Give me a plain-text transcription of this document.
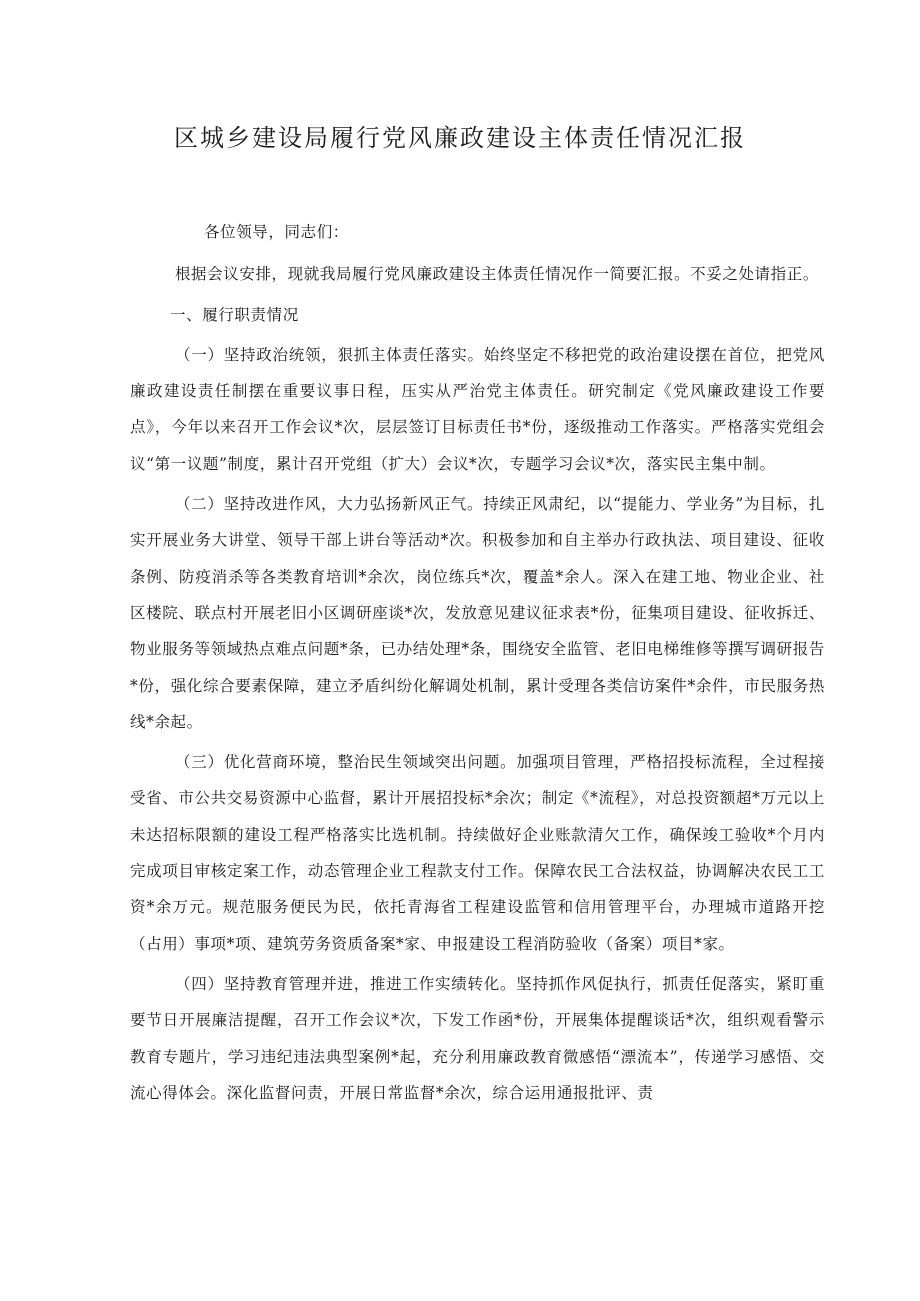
区城乡建设局履行党风廉政建设主体责任情况汇报

各位领导，同志们：

根据会议安排，现就我局履行党风廉政建设主体责任情况作一简要汇报。不妥之处请指正。

一、履行职责情况

（一）坚持政治统领，狠抓主体责任落实。始终坚定不移把党的政治建设摆在首位，把党风廉政建设责任制摆在重要议事日程，压实从严治党主体责任。研究制定《党风廉政建设工作要点》，今年以来召开工作会议*次，层层签订目标责任书*份，逐级推动工作落实。严格落实党组会议“第一议题”制度，累计召开党组（扩大）会议*次，专题学习会议*次，落实民主集中制。

（二）坚持改进作风，大力弘扬新风正气。持续正风肃纪，以“提能力、学业务”为目标，扎实开展业务大讲堂、领导干部上讲台等活动*次。积极参加和自主举办行政执法、项目建设、征收条例、防疫消杀等各类教育培训*余次，岗位练兵*次，覆盖*余人。深入在建工地、物业企业、社区楼院、联点村开展老旧小区调研座谈*次，发放意见建议征求表*份，征集项目建设、征收拆迁、物业服务等领域热点难点问题*条，已办结处理*条，围绕安全监管、老旧电梯维修等撰写调研报告*份，强化综合要素保障，建立矛盾纠纷化解调处机制，累计受理各类信访案件*余件，市民服务热线*余起。

（三）优化营商环境，整治民生领域突出问题。加强项目管理，严格招投标流程，全过程接受省、市公共交易资源中心监督，累计开展招投标*余次；制定《*流程》，对总投资额超*万元以上未达招标限额的建设工程严格落实比选机制。持续做好企业账款清欠工作，确保竣工验收*个月内完成项目审核定案工作，动态管理企业工程款支付工作。保障农民工合法权益，协调解决农民工工资*余万元。规范服务便民为民，依托青海省工程建设监管和信用管理平台，办理城市道路开挖（占用）事项*项、建筑劳务资质备案*家、申报建设工程消防验收（备案）项目*家。

（四）坚持教育管理并进，推进工作实绩转化。坚持抓作风促执行，抓责任促落实，紧盯重要节日开展廉洁提醒，召开工作会议*次，下发工作函*份，开展集体提醒谈话*次，组织观看警示教育专题片，学习违纪违法典型案例*起，充分利用廉政教育微感悟“漂流本”，传递学习感悟、交流心得体会。深化监督问责，开展日常监督*余次，综合运用通报批评、责
